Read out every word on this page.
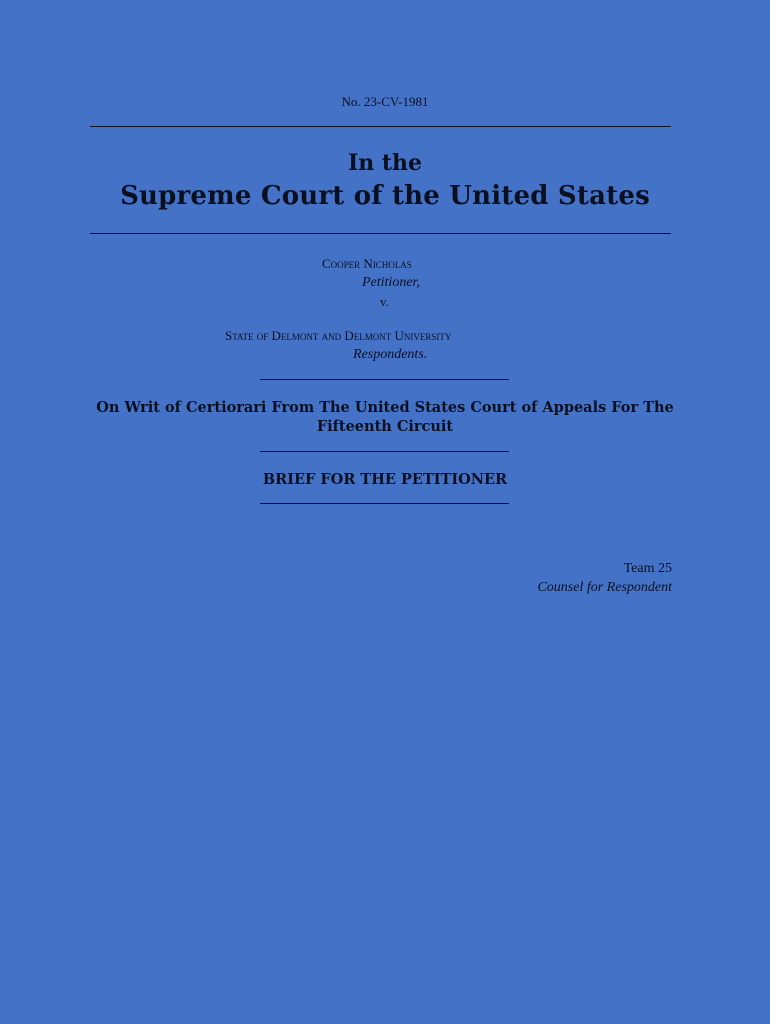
No. 23-CV-1981
In the
Supreme Court of the United States
Cooper Nicholas
Petitioner,
v.
State of Delmont and Delmont University
Respondents.
On Writ of Certiorari From The United States Court of Appeals For The Fifteenth Circuit
BRIEF FOR THE PETITIONER
Team 25
Counsel for Respondent
